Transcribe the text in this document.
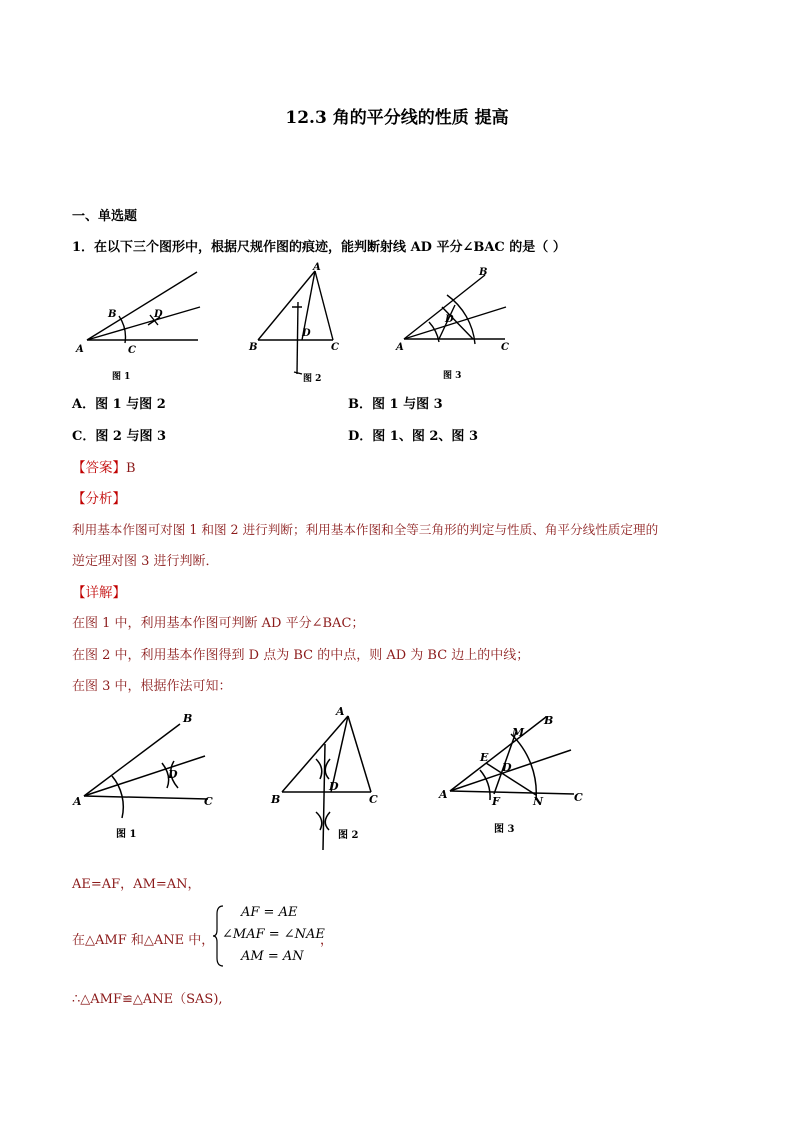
12.3 角的平分线的性质 提高
一、单选题
1．在以下三个图形中，根据尺规作图的痕迹，能判断射线 AD 平分∠BAC 的是（ ）
B	D
A	C
图 1
A
D
B	C
图 2
B
D
A	C
图 3
A．图 1 与图 2	B．图 1 与图 3
C．图 2 与图 3	D．图 1、图 2、图 3
【答案】B
【分析】
利用基本作图可对图 1 和图 2 进行判断；利用基本作图和全等三角形的判定与性质、角平分线性质定理的
逆定理对图 3 进行判断．
【详解】
在图 1 中，利用基本作图可判断 AD 平分∠BAC；
在图 2 中，利用基本作图得到 D 点为 BC 的中点，则 AD 为 BC 边上的中线；
在图 3 中，根据作法可知：
B
D
A	C
图 1
A
D
B	C
图 2
B
M
E
D
A
F	N	C
图 3
AE=AF，AM=AN，
在△AMF 和△ANE 中，
AF = AE
∠MAF = ∠NAE
AM = AN
，
∴△AMF≌△ANE（SAS),
